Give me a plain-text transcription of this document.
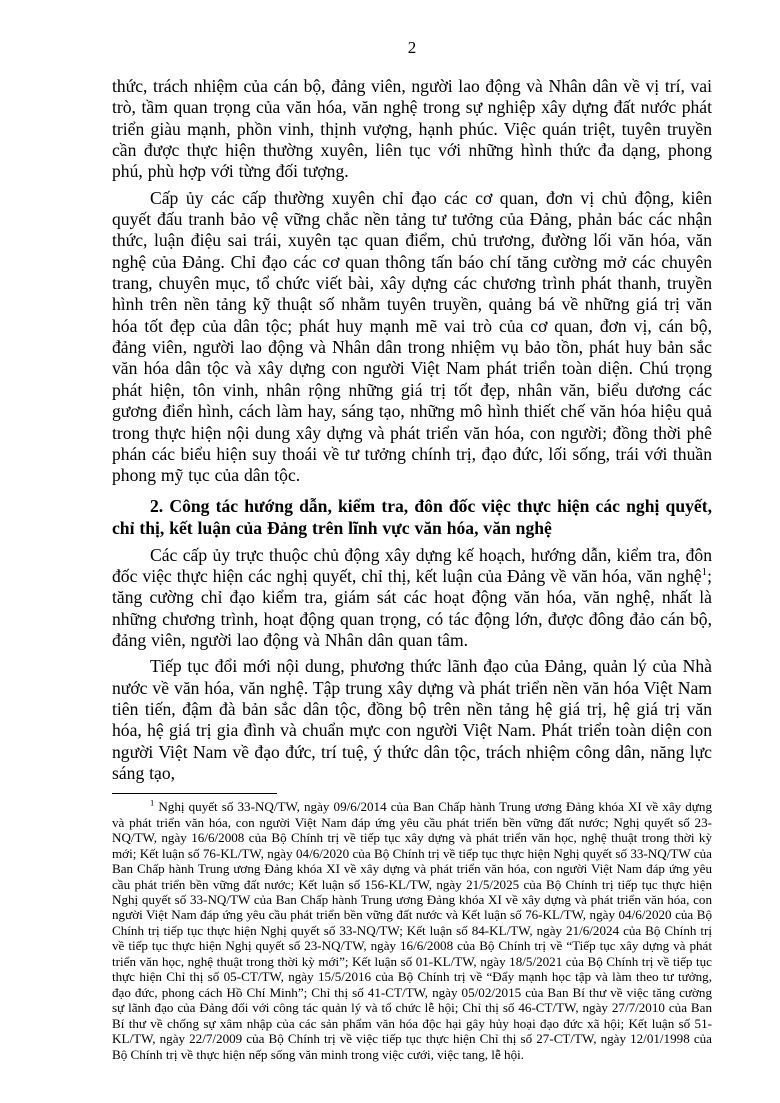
2

thức, trách nhiệm của cán bộ, đảng viên, người lao động và Nhân dân về vị trí, vai trò, tầm quan trọng của văn hóa, văn nghệ trong sự nghiệp xây dựng đất nước phát triển giàu mạnh, phồn vinh, thịnh vượng, hạnh phúc. Việc quán triệt, tuyên truyền cần được thực hiện thường xuyên, liên tục với những hình thức đa dạng, phong phú, phù hợp với từng đối tượng.

Cấp ủy các cấp thường xuyên chỉ đạo các cơ quan, đơn vị chủ động, kiên quyết đấu tranh bảo vệ vững chắc nền tảng tư tưởng của Đảng, phản bác các nhận thức, luận điệu sai trái, xuyên tạc quan điểm, chủ trương, đường lối văn hóa, văn nghệ của Đảng. Chỉ đạo các cơ quan thông tấn báo chí tăng cường mở các chuyên trang, chuyên mục, tổ chức viết bài, xây dựng các chương trình phát thanh, truyền hình trên nền tảng kỹ thuật số nhằm tuyên truyền, quảng bá về những giá trị văn hóa tốt đẹp của dân tộc; phát huy mạnh mẽ vai trò của cơ quan, đơn vị, cán bộ, đảng viên, người lao động và Nhân dân trong nhiệm vụ bảo tồn, phát huy bản sắc văn hóa dân tộc và xây dựng con người Việt Nam phát triển toàn diện. Chú trọng phát hiện, tôn vinh, nhân rộng những giá trị tốt đẹp, nhân văn, biểu dương các gương điển hình, cách làm hay, sáng tạo, những mô hình thiết chế văn hóa hiệu quả trong thực hiện nội dung xây dựng và phát triển văn hóa, con người; đồng thời phê phán các biểu hiện suy thoái về tư tưởng chính trị, đạo đức, lối sống, trái với thuần phong mỹ tục của dân tộc.

2. Công tác hướng dẫn, kiểm tra, đôn đốc việc thực hiện các nghị quyết, chỉ thị, kết luận của Đảng trên lĩnh vực văn hóa, văn nghệ

Các cấp ủy trực thuộc chủ động xây dựng kế hoạch, hướng dẫn, kiểm tra, đôn đốc việc thực hiện các nghị quyết, chỉ thị, kết luận của Đảng về văn hóa, văn nghệ$^1$; tăng cường chỉ đạo kiểm tra, giám sát các hoạt động văn hóa, văn nghệ, nhất là những chương trình, hoạt động quan trọng, có tác động lớn, được đông đảo cán bộ, đảng viên, người lao động và Nhân dân quan tâm.

Tiếp tục đổi mới nội dung, phương thức lãnh đạo của Đảng, quản lý của Nhà nước về văn hóa, văn nghệ. Tập trung xây dựng và phát triển nền văn hóa Việt Nam tiên tiến, đậm đà bản sắc dân tộc, đồng bộ trên nền tảng hệ giá trị, hệ giá trị văn hóa, hệ giá trị gia đình và chuẩn mực con người Việt Nam. Phát triển toàn diện con người Việt Nam về đạo đức, trí tuệ, ý thức dân tộc, trách nhiệm công dân, năng lực sáng tạo,

$^1$ Nghị quyết số 33-NQ/TW, ngày 09/6/2014 của Ban Chấp hành Trung ương Đảng khóa XI về xây dựng và phát triển văn hóa, con người Việt Nam đáp ứng yêu cầu phát triển bền vững đất nước; Nghị quyết số 23-NQ/TW, ngày 16/6/2008 của Bộ Chính trị về tiếp tục xây dựng và phát triển văn học, nghệ thuật trong thời kỳ mới; Kết luận số 76-KL/TW, ngày 04/6/2020 của Bộ Chính trị về tiếp tục thực hiện Nghị quyết số 33-NQ/TW của Ban Chấp hành Trung ương Đảng khóa XI về xây dựng và phát triển văn hóa, con người Việt Nam đáp ứng yêu cầu phát triển bền vững đất nước; Kết luận số 156-KL/TW, ngày 21/5/2025 của Bộ Chính trị tiếp tục thực hiện Nghị quyết số 33-NQ/TW của Ban Chấp hành Trung ương Đảng khóa XI về xây dựng và phát triển văn hóa, con người Việt Nam đáp ứng yêu cầu phát triển bền vững đất nước và Kết luận số 76-KL/TW, ngày 04/6/2020 của Bộ Chính trị tiếp tục thực hiện Nghị quyết số 33-NQ/TW; Kết luận số 84-KL/TW, ngày 21/6/2024 của Bộ Chính trị về tiếp tục thực hiện Nghị quyết số 23-NQ/TW, ngày 16/6/2008 của Bộ Chính trị về “Tiếp tục xây dựng và phát triển văn học, nghệ thuật trong thời kỳ mới”; Kết luận số 01-KL/TW, ngày 18/5/2021 của Bộ Chính trị về tiếp tục thực hiện Chỉ thị số 05-CT/TW, ngày 15/5/2016 của Bộ Chính trị về “Đẩy mạnh học tập và làm theo tư tưởng, đạo đức, phong cách Hồ Chí Minh”; Chỉ thị số 41-CT/TW, ngày 05/02/2015 của Ban Bí thư về việc tăng cường sự lãnh đạo của Đảng đối với công tác quản lý và tổ chức lễ hội; Chỉ thị số 46-CT/TW, ngày 27/7/2010 của Ban Bí thư về chống sự xâm nhập của các sản phẩm văn hóa độc hại gây hủy hoại đạo đức xã hội; Kết luận số 51-KL/TW, ngày 22/7/2009 của Bộ Chính trị về việc tiếp tục thực hiện Chỉ thị số 27-CT/TW, ngày 12/01/1998 của Bộ Chính trị về thực hiện nếp sống văn minh trong việc cưới, việc tang, lễ hội.
